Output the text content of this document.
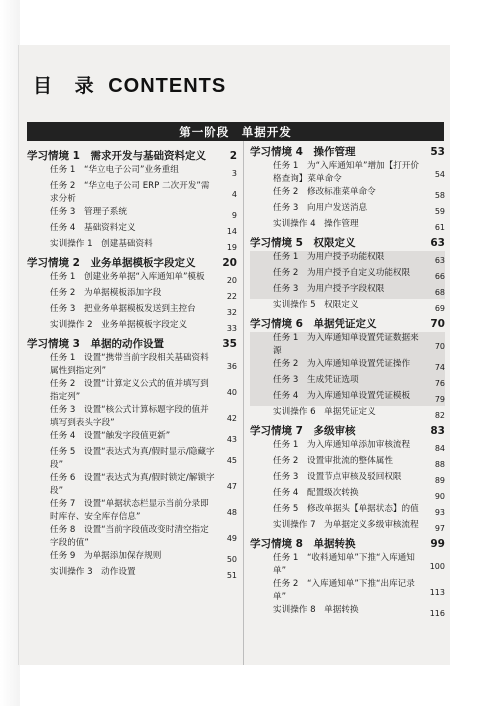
目 录 CONTENTS
第一阶段　单据开发
学习情境 1　需求开发与基础资料定义	2
任务 1　“华立电子公司”业务重组	3
任务 2　“华立电子公司 ERP 二次开发”需求分析	4
任务 3　管理子系统	9
任务 4　基础资料定义	14
实训操作 1　创建基础资料	19
学习情境 2　业务单据模板字段定义	20
任务 1　创建业务单据“入库通知单”模板	20
任务 2　为单据模板添加字段	22
任务 3　把业务单据模板发送到主控台	32
实训操作 2　业务单据模板字段定义	33
学习情境 3　单据的动作设置	35
任务 1　设置“携带当前字段相关基础资料属性到指定列”	36
任务 2　设置“计算定义公式的值并填写到指定列”	40
任务 3　设置“核公式计算标题字段的值并填写到表头字段”	42
任务 4　设置“触发字段值更新”	43
任务 5　设置“表达式为真/假时显示/隐藏字段”	45
任务 6　设置“表达式为真/假时锁定/解锁字段”	47
任务 7　设置“单据状态栏显示当前分录即时库存、安全库存信息”	48
任务 8　设置“当前字段值改变时清空指定字段的值”	49
任务 9　为单据添加保存规则	50
实训操作 3　动作设置	51
学习情境 4　操作管理	53
任务 1　为“入库通知单”增加【打开价格查询】菜单命令	54
任务 2　修改标准菜单命令	58
任务 3　向用户发送消息	59
实训操作 4　操作管理	61
学习情境 5　权限定义	63
任务 1　为用户授予功能权限	63
任务 2　为用户授予自定义功能权限	66
任务 3　为用户授予字段权限	68
实训操作 5　权限定义	69
学习情境 6　单据凭证定义	70
任务 1　为入库通知单设置凭证数据来源	70
任务 2　为入库通知单设置凭证操作	74
任务 3　生成凭证选项	76
任务 4　为入库通知单设置凭证模板	79
实训操作 6　单据凭证定义	82
学习情境 7　多级审核	83
任务 1　为入库通知单添加审核流程	84
任务 2　设置审批流的整体属性	88
任务 3　设置节点审核及驳回权限	89
任务 4　配置级次转换	90
任务 5　修改单据头【单据状态】的值	93
实训操作 7　为单据定义多级审核流程	97
学习情境 8　单据转换	99
任务 1　“收料通知单”下推“入库通知单”	100
任务 2　“入库通知单”下推“出库记录单”	113
实训操作 8　单据转换	116
